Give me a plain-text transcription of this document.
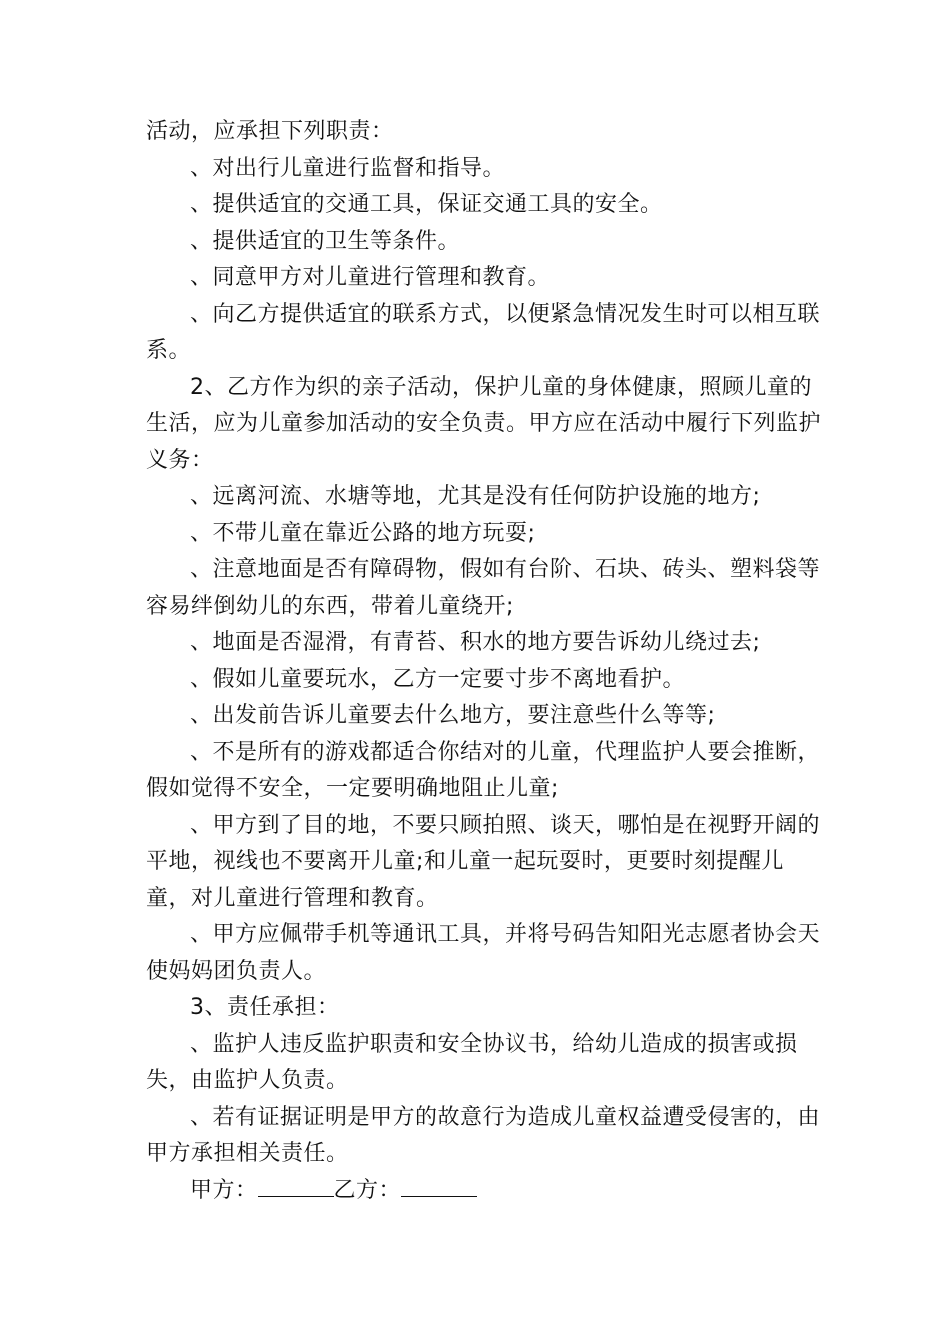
活动，应承担下列职责：

、对出行儿童进行监督和指导。

、提供适宜的交通工具，保证交通工具的安全。

、提供适宜的卫生等条件。

、同意甲方对儿童进行管理和教育。

、向乙方提供适宜的联系方式，以便紧急情况发生时可以相互联系。

2、乙方作为织的亲子活动，保护儿童的身体健康，照顾儿童的生活，应为儿童参加活动的安全负责。甲方应在活动中履行下列监护义务：

、远离河流、水塘等地，尤其是没有任何防护设施的地方;

、不带儿童在靠近公路的地方玩耍;

、注意地面是否有障碍物，假如有台阶、石块、砖头、塑料袋等容易绊倒幼儿的东西，带着儿童绕开;

、地面是否湿滑，有青苔、积水的地方要告诉幼儿绕过去;

、假如儿童要玩水，乙方一定要寸步不离地看护。

、出发前告诉儿童要去什么地方，要注意些什么等等;

、不是所有的游戏都适合你结对的儿童，代理监护人要会推断，假如觉得不安全，一定要明确地阻止儿童;

、甲方到了目的地，不要只顾拍照、谈天，哪怕是在视野开阔的平地，视线也不要离开儿童;和儿童一起玩耍时，更要时刻提醒儿童，对儿童进行管理和教育。

、甲方应佩带手机等通讯工具，并将号码告知阳光志愿者协会天使妈妈团负责人。

3、责任承担：

、监护人违反监护职责和安全协议书，给幼儿造成的损害或损失，由监护人负责。

、若有证据证明是甲方的故意行为造成儿童权益遭受侵害的，由甲方承担相关责任。

甲方：	乙方：
